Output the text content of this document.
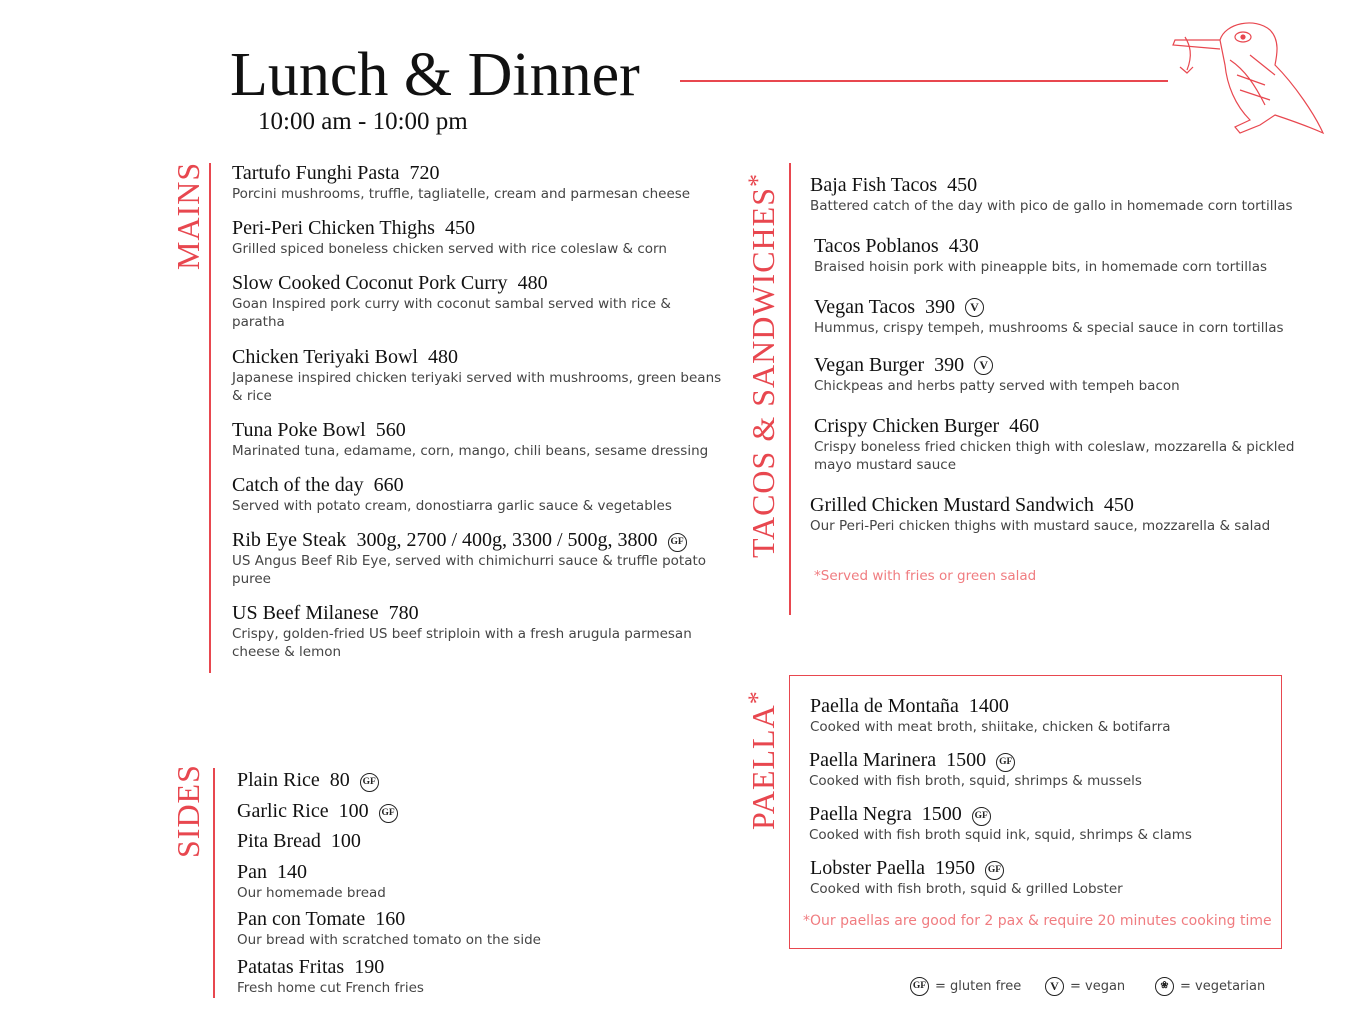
Lunch & Dinner
10:00 am - 10:00 pm
MAINS Tartufo Funghi Pasta 720
Porcini mushrooms, truffle, tagliatelle, cream and parmesan cheese
Peri-Peri Chicken Thighs 450
Grilled spiced boneless chicken served with rice coleslaw & corn
Slow Cooked Coconut Pork Curry 480
Goan Inspired pork curry with coconut sambal served with rice & paratha
Chicken Teriyaki Bowl 480
Japanese inspired chicken teriyaki served with mushrooms, green beans & rice
Tuna Poke Bowl 560
Marinated tuna, edamame, corn, mango, chili beans, sesame dressing
Catch of the day 660
Served with potato cream, donostiarra garlic sauce & vegetables
Rib Eye Steak 300g, 2700 / 400g, 3300 / 500g, 3800 GF
US Angus Beef Rib Eye, served with chimichurri sauce & truffle potato puree
US Beef Milanese 780
Crispy, golden-fried US beef striploin with a fresh arugula parmesan cheese & lemon
TACOS & SANDWICHES*	Baja Fish Tacos 450
Battered catch of the day with pico de gallo in homemade corn tortillas
Tacos Poblanos 430
Braised hoisin pork with pineapple bits, in homemade corn tortillas
Vegan Tacos 390 V
Hummus, crispy tempeh, mushrooms & special sauce in corn tortillas
Vegan Burger 390 V
Chickpeas and herbs patty served with tempeh bacon
Crispy Chicken Burger 460
Crispy boneless fried chicken thigh with coleslaw, mozzarella & pickled mayo mustard sauce
Grilled Chicken Mustard Sandwich 450
Our Peri-Peri chicken thighs with mustard sauce, mozzarella & salad
*Served with fries or green salad
PAELLA*	Paella de Montaña 1400
Cooked with meat broth, shiitake, chicken & botifarra
Paella Marinera 1500 GF
Cooked with fish broth, squid, shrimps & mussels
Paella Negra 1500 GF
Cooked with fish broth squid ink, squid, shrimps & clams
Lobster Paella 1950 GF
Cooked with fish broth, squid & grilled Lobster
*Our paellas are good for 2 pax & require 20 minutes cooking time
SIDES Plain Rice 80 GF
Garlic Rice 100 GF
Pita Bread 100
Pan 140
Our homemade bread
Pan con Tomate 160
Our bread with scratched tomato on the side
Patatas Fritas 190
Fresh home cut French fries	GF = gluten free	V = vegan	❀ = vegetarian
